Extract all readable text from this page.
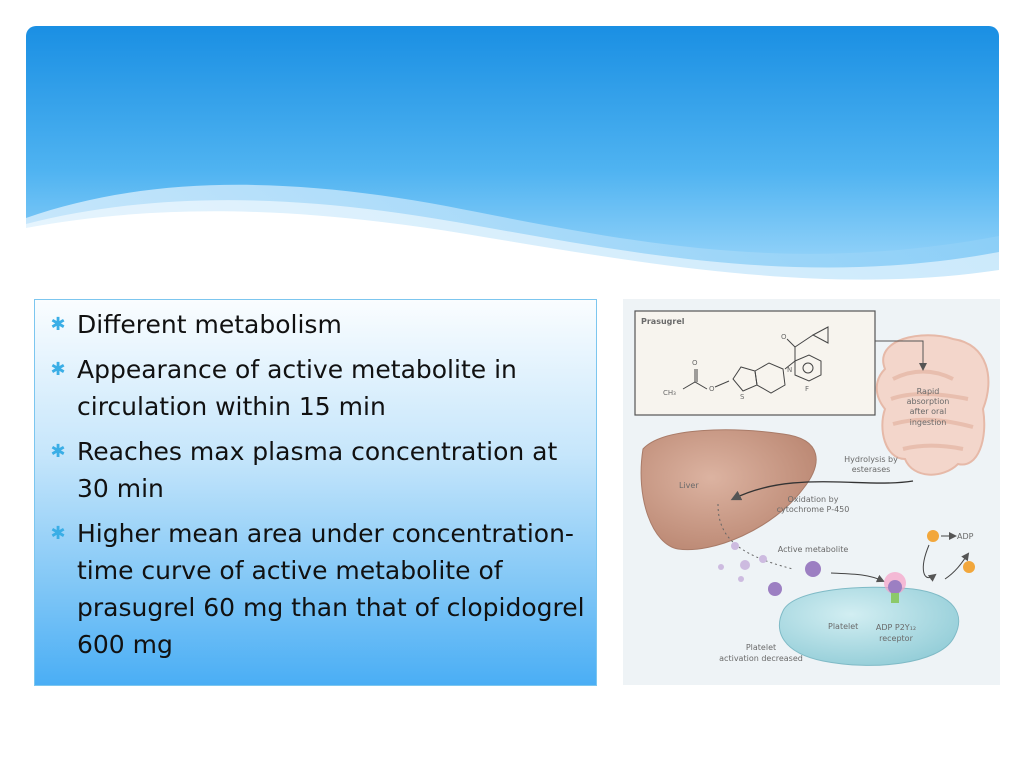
✱ Different metabolism
✱ Appearance of active metabolite in circulation within 15 min
✱ Reaches max plasma concentration at 30 min
✱ Higher mean area under concentration-time curve of active metabolite of prasugrel 60 mg than that of clopidogrel 600 mg
Prasugrel
CH₃	O
O
S
N
F
O
Rapid
absorption
after oral
ingestion
Hydrolysis by
esterases
Liver
Oxidation by
cytochrome P-450
Active metabolite
ADP
Platelet ADP P2Y₁₂
receptor
Platelet
activation decreased
